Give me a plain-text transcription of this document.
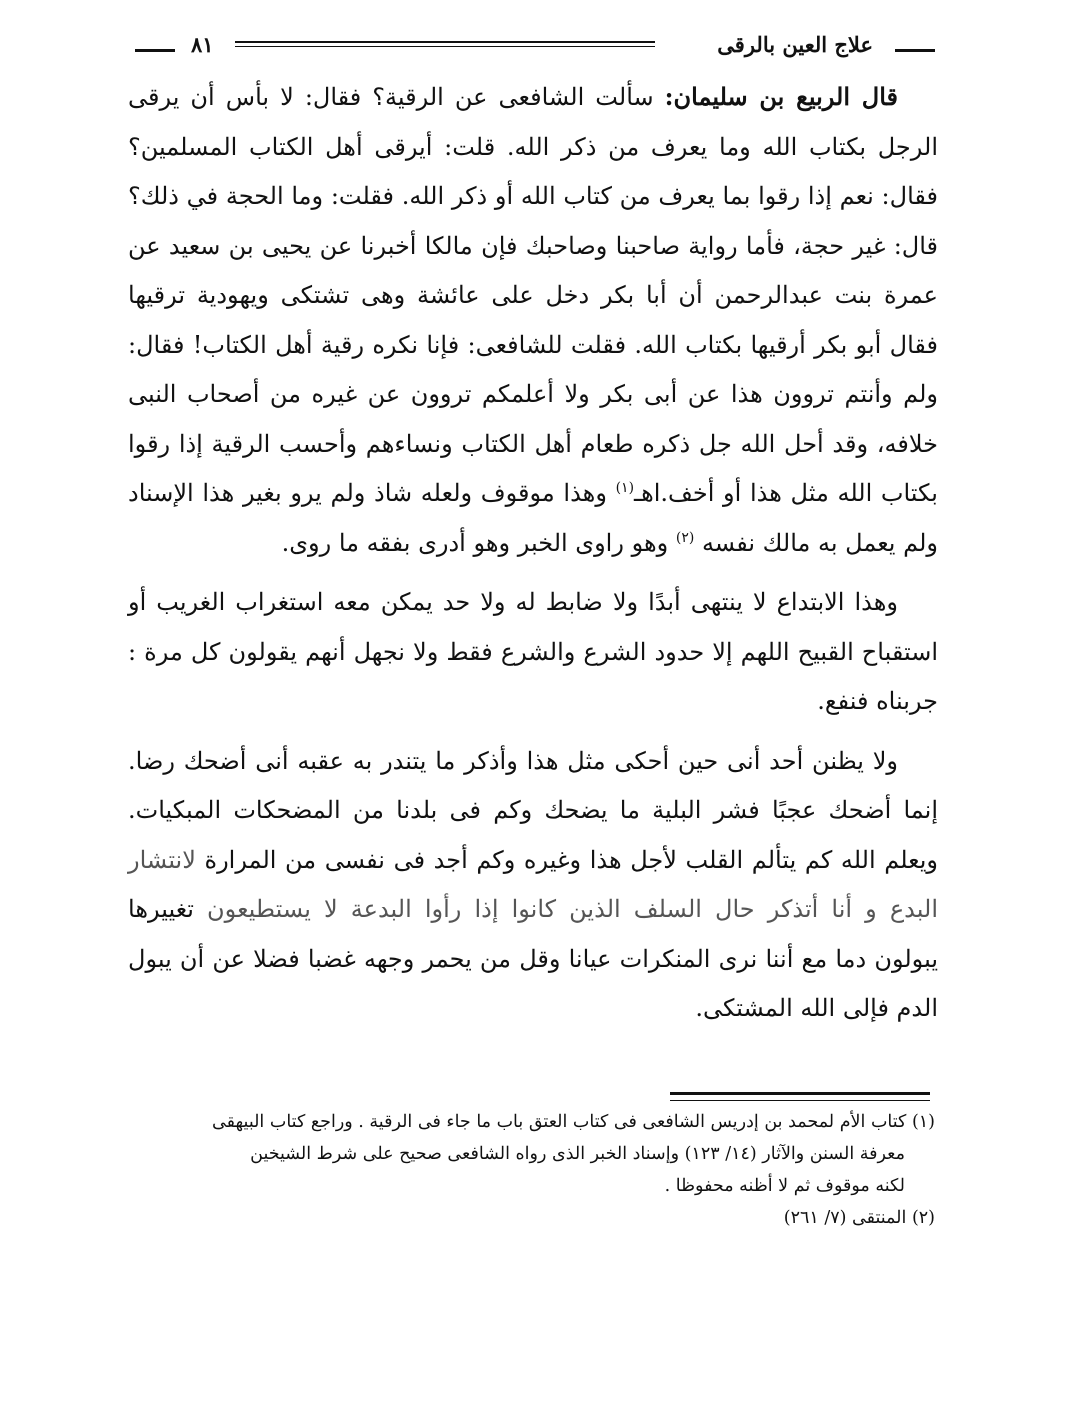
علاج العين بالرقى
٨١

قال الربيع بن سليمان: سألت الشافعى عن الرقية؟ فقال: لا بأس أن يرقى الرجل بكتاب الله وما يعرف من ذكر الله. قلت: أيرقى أهل الكتاب المسلمين؟ فقال: نعم إذا رقوا بما يعرف من كتاب الله أو ذكر الله. فقلت: وما الحجة في ذلك؟ قال: غير حجة، فأما رواية صاحبنا وصاحبك فإن مالكا أخبرنا عن يحيى بن سعيد عن عمرة بنت عبدالرحمن أن أبا بكر دخل على عائشة وهى تشتكى ويهودية ترقيها فقال أبو بكر أرقيها بكتاب الله. فقلت للشافعى: فإنا نكره رقية أهل الكتاب! فقال: ولم وأنتم تروون هذا عن أبى بكر ولا أعلمكم تروون عن غيره من أصحاب النبى خلافه، وقد أحل الله جل ذكره طعام أهل الكتاب ونساءهم وأحسب الرقية إذا رقوا بكتاب الله مثل هذا أو أخف.اهـ$^{(١)}$ وهذا موقوف ولعله شاذ ولم يرو بغير هذا الإسناد ولم يعمل به مالك نفسه $^{(٢)}$ وهو راوى الخبر وهو أدرى بفقه ما روى.

وهذا الابتداع لا ينتهى أبدًا ولا ضابط له ولا حد يمكن معه استغراب الغريب أو استقباح القبيح اللهم إلا حدود الشرع والشرع فقط ولا نجهل أنهم يقولون كل مرة : جربناه فنفع.

ولا يظنن أحد أنى حين أحكى مثل هذا وأذكر ما يتندر به عقبه أنى أضحك رضا. إنما أضحك عجبًا فشر البلية ما يضحك وكم فى بلدنا من المضحكات المبكيات. ويعلم الله كم يتألم القلب لأجل هذا وغيره وكم أجد فى نفسى من المرارة لانتشار البدع و أنا أتذكر حال السلف الذين كانوا إذا رأوا البدعة لا يستطيعون تغييرها يبولون دما مع أننا نرى المنكرات عيانا وقل من يحمر وجهه غضبا فضلا عن أن يبول الدم فإلى الله المشتكى.

(١) كتاب الأم لمحمد بن إدريس الشافعى فى كتاب العتق باب ما جاء فى الرقية . وراجع كتاب البيهقى

معرفة السنن والآثار (١٤/ ١٢٣) وإسناد الخبر الذى رواه الشافعى صحيح على شرط الشيخين

لكنه موقوف ثم لا أظنه محفوظا .

(٢) المنتقى (٧/ ٢٦١)
